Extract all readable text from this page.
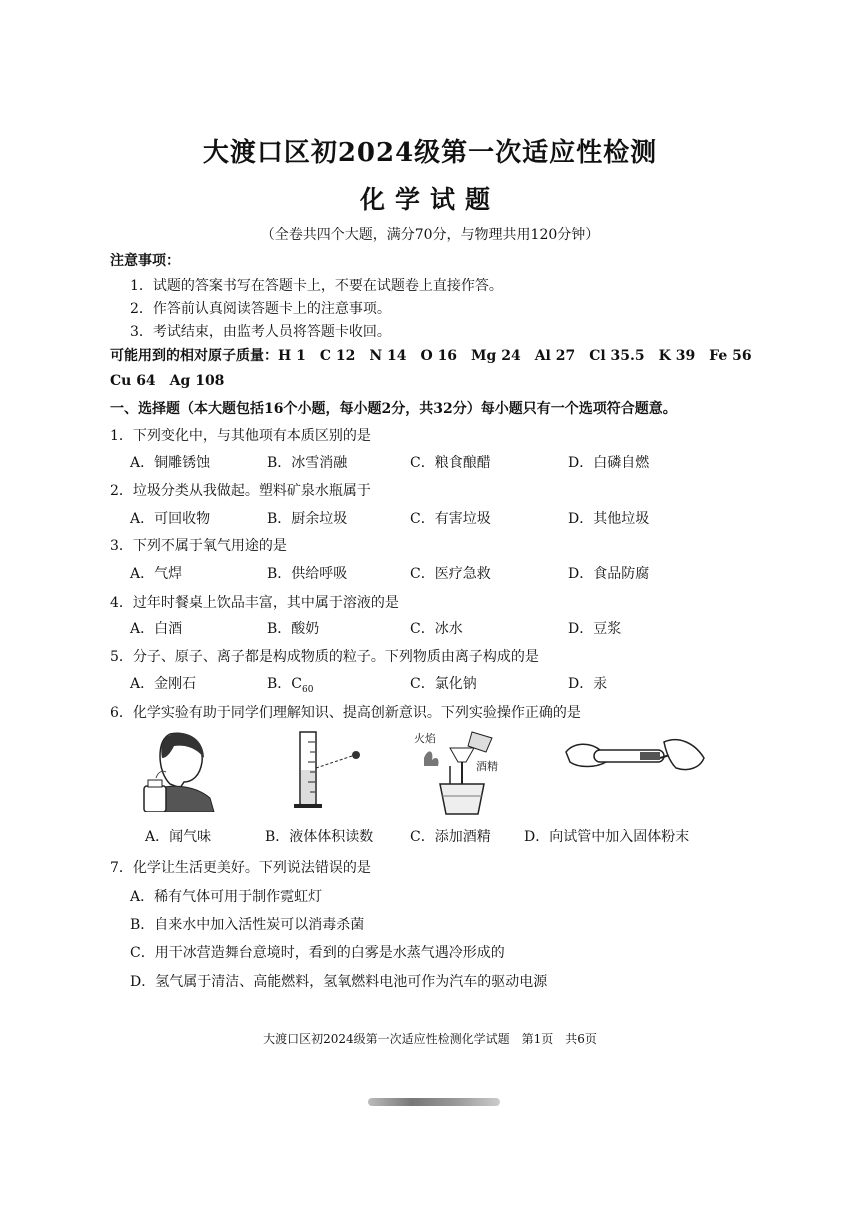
大渡口区初2024级第一次适应性检测
化学试题
（全卷共四个大题，满分70分，与物理共用120分钟）
注意事项：
1．试题的答案书写在答题卡上，不要在试题卷上直接作答。
2．作答前认真阅读答题卡上的注意事项。
3．考试结束，由监考人员将答题卡收回。
可能用到的相对原子质量：H 1　C 12　N 14　O 16　Mg 24　Al 27　Cl 35.5　K 39　Fe 56
Cu 64　Ag 108
一、选择题（本大题包括16个小题，每小题2分，共32分）每小题只有一个选项符合题意。
1．下列变化中，与其他项有本质区别的是
A．铜雕锈蚀	B．冰雪消融	C．粮食酿醋	D．白磷自燃
2．垃圾分类从我做起。塑料矿泉水瓶属于
A．可回收物	B．厨余垃圾	C．有害垃圾	D．其他垃圾
3．下列不属于氧气用途的是
A．气焊	B．供给呼吸	C．医疗急救	D．食品防腐
4．过年时餐桌上饮品丰富，其中属于溶液的是
A．白酒	B．酸奶	C．冰水	D．豆浆
5．分子、原子、离子都是构成物质的粒子。下列物质由离子构成的是
A．金刚石	B．$C_{60}$	C．氯化钠	D．汞
6．化学实验有助于同学们理解知识、提高创新意识。下列实验操作正确的是
火焰
酒精
A．闻气味	B．液体体积读数	C．添加酒精 D．向试管中加入固体粉末
7．化学让生活更美好。下列说法错误的是
A．稀有气体可用于制作霓虹灯
B．自来水中加入活性炭可以消毒杀菌
C．用干冰营造舞台意境时，看到的白雾是水蒸气遇冷形成的
D．氢气属于清洁、高能燃料，氢氧燃料电池可作为汽车的驱动电源
大渡口区初2024级第一次适应性检测化学试题　第1页　共6页
